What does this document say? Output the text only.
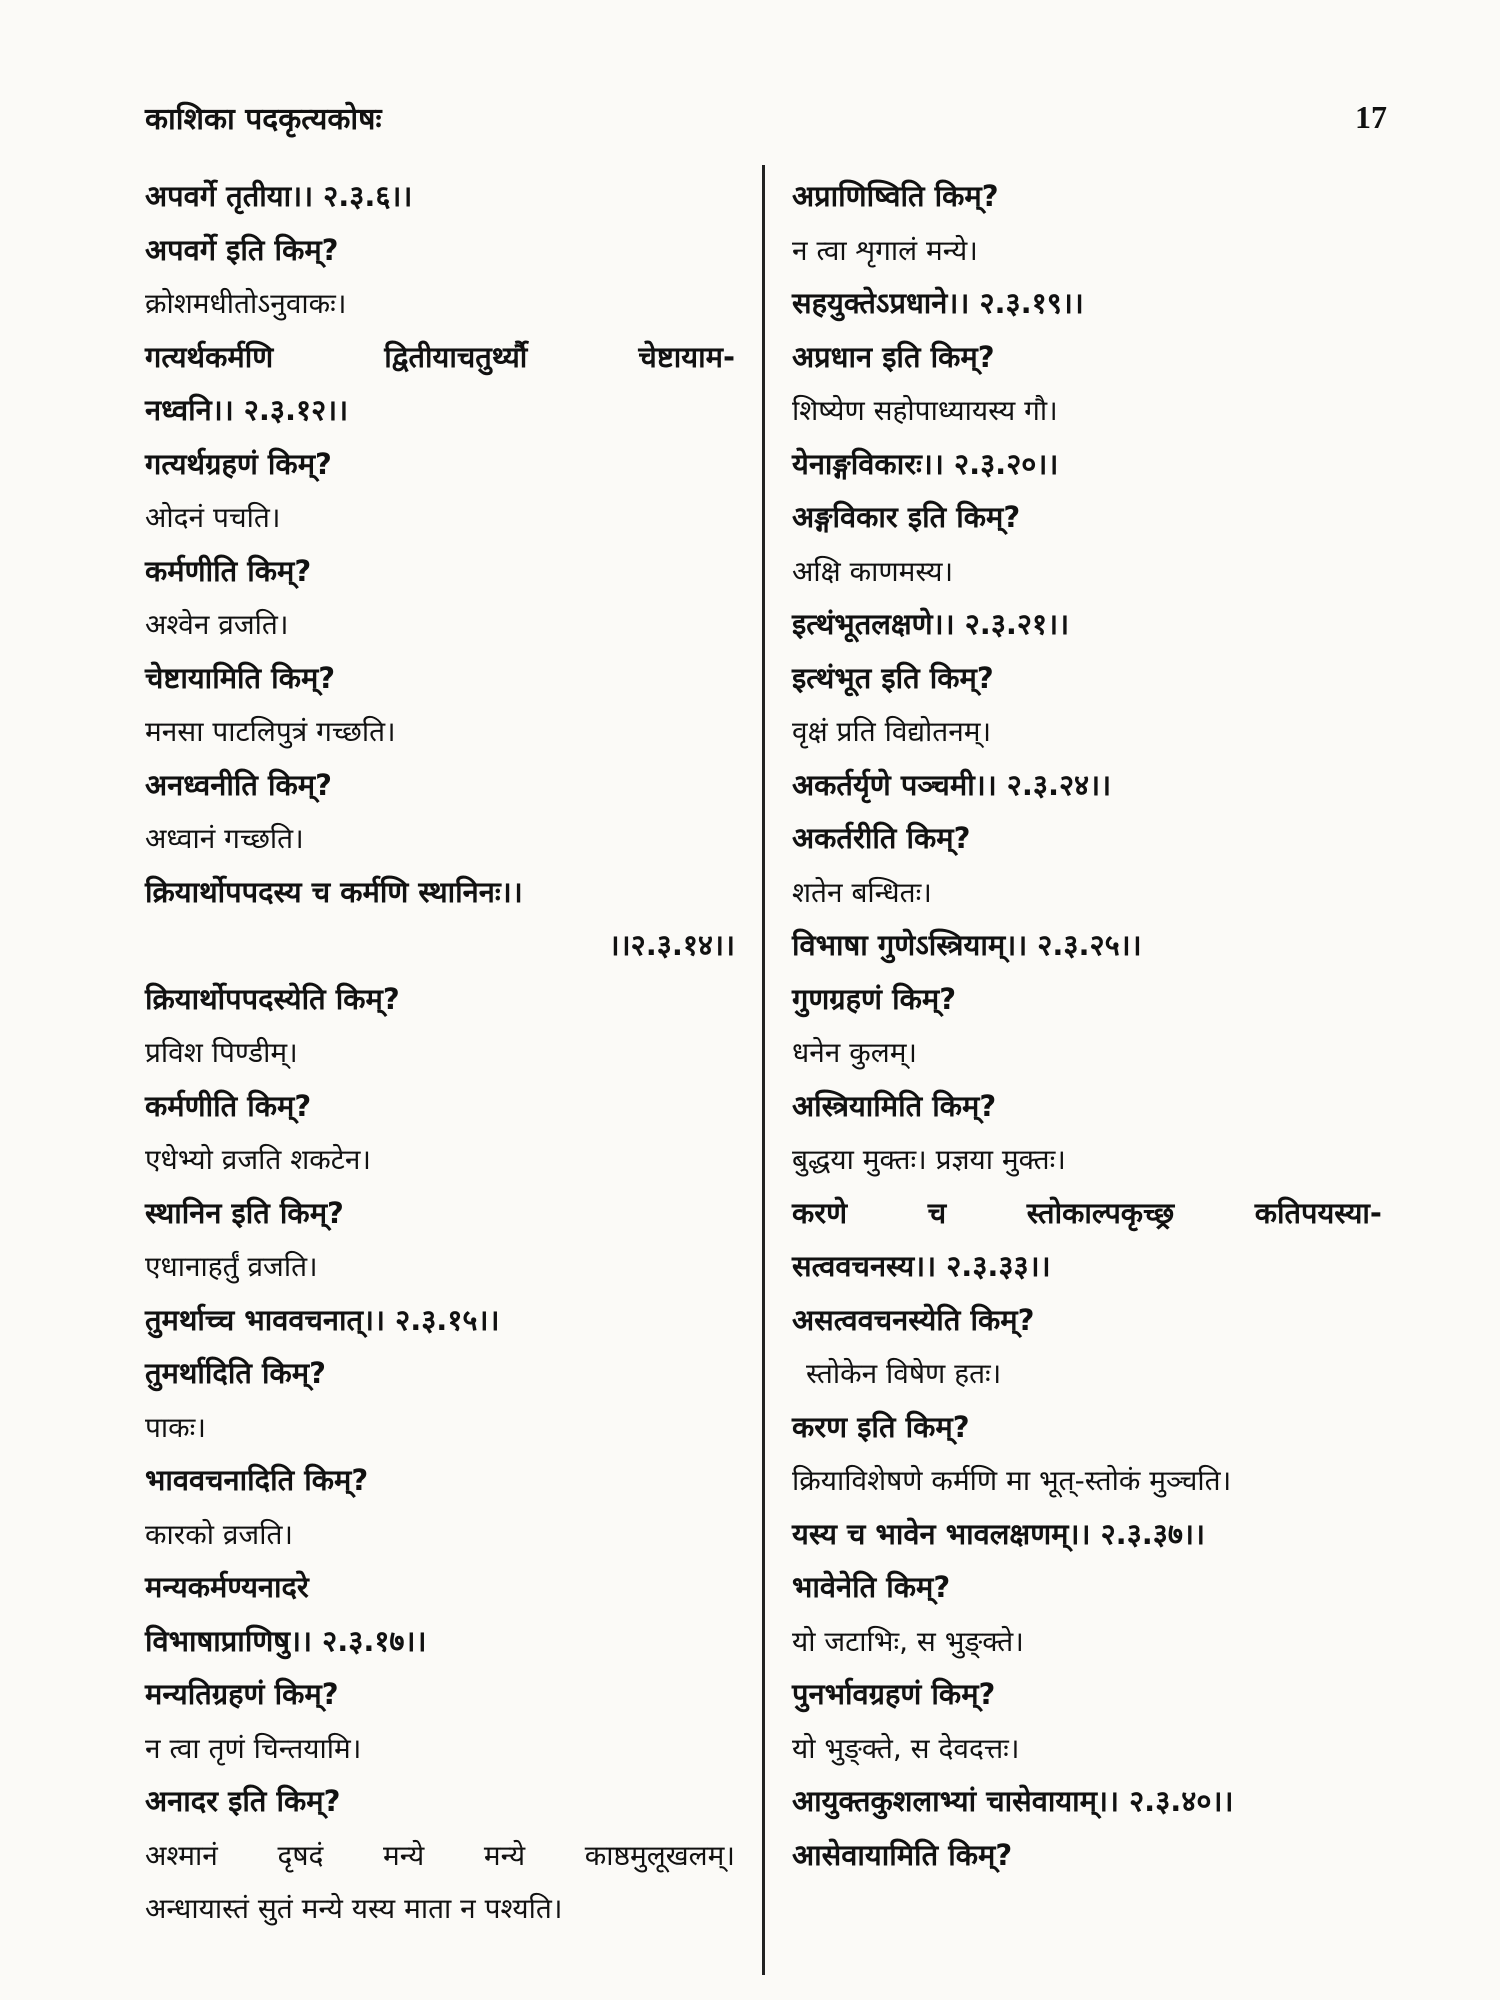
काशिका पदकृत्यकोषः	17
अपवर्गे तृतीया।। २.३.६।।
अपवर्गे इति किम्?
क्रोशमधीतोऽनुवाकः।
गत्यर्थकर्मणि	द्वितीयाचतुर्थ्यौ	चेष्टायाम-
नध्वनि।। २.३.१२।।
गत्यर्थग्रहणं किम्?
ओदनं पचति।
कर्मणीति किम्?
अश्वेन व्रजति।
चेष्टायामिति किम्?
मनसा पाटलिपुत्रं गच्छति।
अनध्वनीति किम्?
अध्वानं गच्छति।
क्रियार्थोपपदस्य च कर्मणि स्थानिनः।।
।।२.३.१४।।
क्रियार्थोपपदस्येति किम्?
प्रविश पिण्डीम्।
कर्मणीति किम्?
एधेभ्यो व्रजति शकटेन।
स्थानिन इति किम्?
एधानाहर्तुं व्रजति।
तुमर्थाच्च भाववचनात्।। २.३.१५।।
तुमर्थादिति किम्?
पाकः।
भाववचनादिति किम्?
कारको व्रजति।
मन्यकर्मण्यनादरे
विभाषाप्राणिषु।। २.३.१७।।
मन्यतिग्रहणं किम्?
न त्वा तृणं चिन्तयामि।
अनादर इति किम्?
अश्मानं दृषदं मन्ये मन्ये काष्ठमुलूखलम्।
अन्धायास्तं सुतं मन्ये यस्य माता न पश्यति।
अप्राणिष्विति किम्?
न त्वा शृगालं मन्ये।
सहयुक्तेऽप्रधाने।। २.३.१९।।
अप्रधान इति किम्?
शिष्येण सहोपाध्यायस्य गौ।
येनाङ्गविकारः।। २.३.२०।।
अङ्गविकार इति किम्?
अक्षि काणमस्य।
इत्थंभूतलक्षणे।। २.३.२१।।
इत्थंभूत इति किम्?
वृक्षं प्रति विद्योतनम्।
अकर्तर्यृणे पञ्चमी।। २.३.२४।।
अकर्तरीति किम्?
शतेन बन्धितः।
विभाषा गुणेऽस्त्रियाम्।। २.३.२५।।
गुणग्रहणं किम्?
धनेन कुलम्।
अस्त्रियामिति किम्?
बुद्धया मुक्तः। प्रज्ञया मुक्तः।
करणे	च	स्तोकाल्पकृच्छ्र	कतिपयस्या-
सत्ववचनस्य।। २.३.३३।।
असत्ववचनस्येति किम्?
स्तोकेन विषेण हतः।
करण इति किम्?
क्रियाविशेषणे कर्मणि मा भूत्-स्तोकं मुञ्चति।
यस्य च भावेन भावलक्षणम्।। २.३.३७।।
भावेनेति किम्?
यो जटाभिः, स भुङ्क्ते।
पुनर्भावग्रहणं किम्?
यो भुङ्क्ते, स देवदत्तः।
आयुक्तकुशलाभ्यां चासेवायाम्।। २.३.४०।।
आसेवायामिति किम्?
